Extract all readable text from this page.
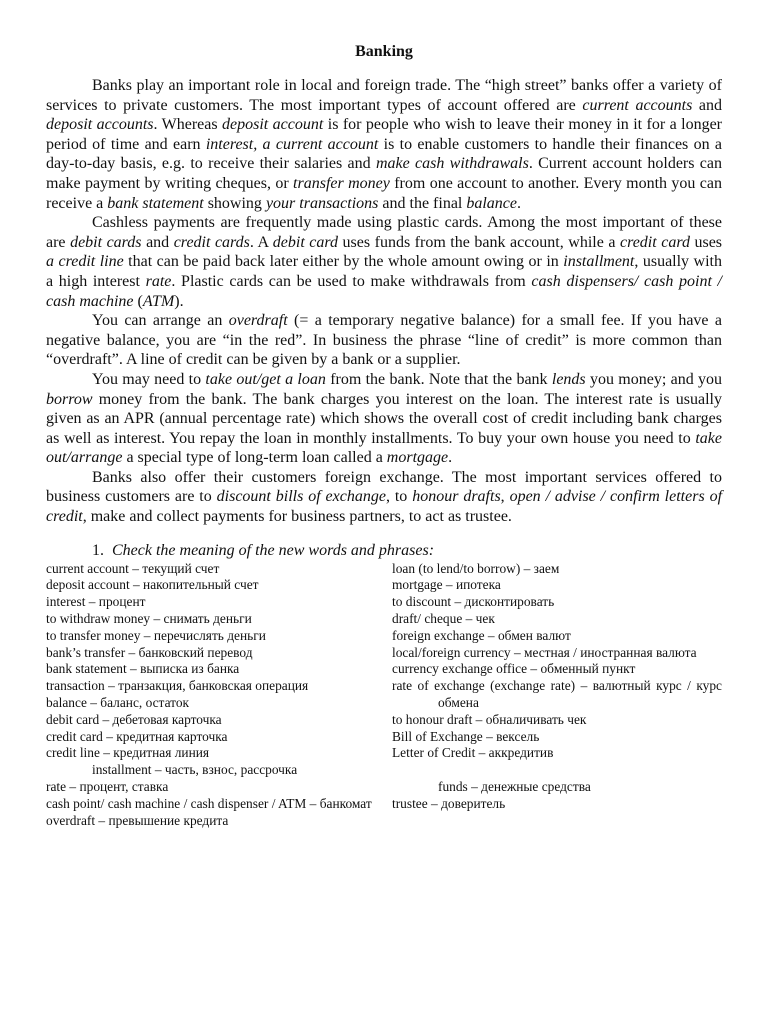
Banking

Banks play an important role in local and foreign trade. The “high street” banks offer a variety of services to private customers. The most important types of account offered are current accounts and deposit accounts. Whereas deposit account is for people who wish to leave their money in it for a longer period of time and earn interest, a current account is to enable customers to handle their finances on a day-to-day basis, e.g. to receive their salaries and make cash withdrawals. Current account holders can make payment by writing cheques, or transfer money from one account to another. Every month you can receive a bank statement showing your transactions and the final balance.

Cashless payments are frequently made using plastic cards. Among the most important of these are debit cards and credit cards. A debit card uses funds from the bank account, while a credit card uses a credit line that can be paid back later either by the whole amount owing or in installment, usually with a high interest rate. Plastic cards can be used to make withdrawals from cash dispensers/ cash point / cash machine (ATM).

You can arrange an overdraft (= a temporary negative balance) for a small fee. If you have a negative balance, you are “in the red”. In business the phrase “line of credit” is more common than “overdraft”. A line of credit can be given by a bank or a supplier.

You may need to take out/get a loan from the bank. Note that the bank lends you money; and you borrow money from the bank. The bank charges you interest on the loan. The interest rate is usually given as an APR (annual percentage rate) which shows the overall cost of credit including bank charges as well as interest. You repay the loan in monthly installments. To buy your own house you need to take out/arrange a special type of long-term loan called a mortgage.

Banks also offer their customers foreign exchange. The most important services offered to business customers are to discount bills of exchange, to honour drafts, open / advise / confirm letters of credit, make and collect payments for business partners, to act as trustee.

1. Check the meaning of the new words and phrases:
current account – текущий счет
deposit account – накопительный счет
interest – процент
to withdraw money – снимать деньги
to transfer money – перечислять деньги
bank’s transfer – банковский перевод
bank statement – выписка из банка
transaction – транзакция, банковская операция
balance – баланс, остаток
debit card – дебетовая карточка
credit card – кредитная карточка
credit line – кредитная линия
installment – часть, взнос, рассрочка
rate – процент, ставка
cash point/ cash machine / cash dispenser / ATM – банкомат
overdraft – превышение кредита
loan (to lend/to borrow) – заем
mortgage – ипотека
to discount – дисконтировать
draft/ cheque – чек
foreign exchange – обмен валют
local/foreign currency – местная / иностранная валюта
currency exchange office – обменный пункт
rate of exchange (exchange rate) – валютный курс / курс обмена
to honour draft – обналичивать чек
Bill of Exchange – вексель
Letter of Credit – аккредитив
funds – денежные средства
trustee – доверитель
